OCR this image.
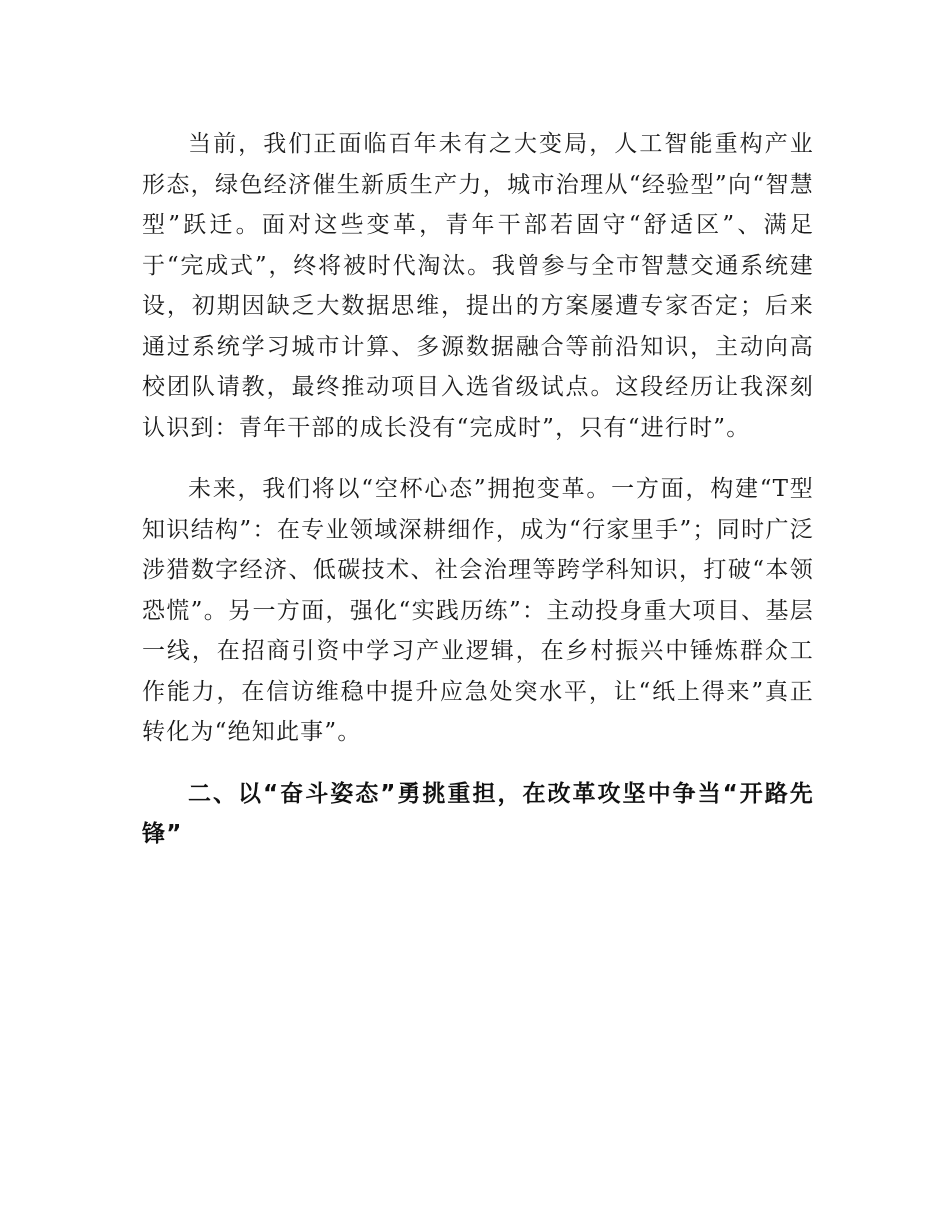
当前，我们正面临百年未有之大变局，人工智能重构产业形态，绿色经济催生新质生产力，城市治理从“经验型”向“智慧型”跃迁。面对这些变革，青年干部若固守“舒适区”、满足于“完成式”，终将被时代淘汰。我曾参与全市智慧交通系统建设，初期因缺乏大数据思维，提出的方案屡遭专家否定；后来通过系统学习城市计算、多源数据融合等前沿知识，主动向高校团队请教，最终推动项目入选省级试点。这段经历让我深刻认识到：青年干部的成长没有“完成时”，只有“进行时”。

未来，我们将以“空杯心态”拥抱变革。一方面，构建“T型知识结构”：在专业领域深耕细作，成为“行家里手”；同时广泛涉猎数字经济、低碳技术、社会治理等跨学科知识，打破“本领恐慌”。另一方面，强化“实践历练”：主动投身重大项目、基层一线，在招商引资中学习产业逻辑，在乡村振兴中锤炼群众工作能力，在信访维稳中提升应急处突水平，让“纸上得来”真正转化为“绝知此事”。

二、以“奋斗姿态”勇挑重担，在改革攻坚中争当“开路先锋”
